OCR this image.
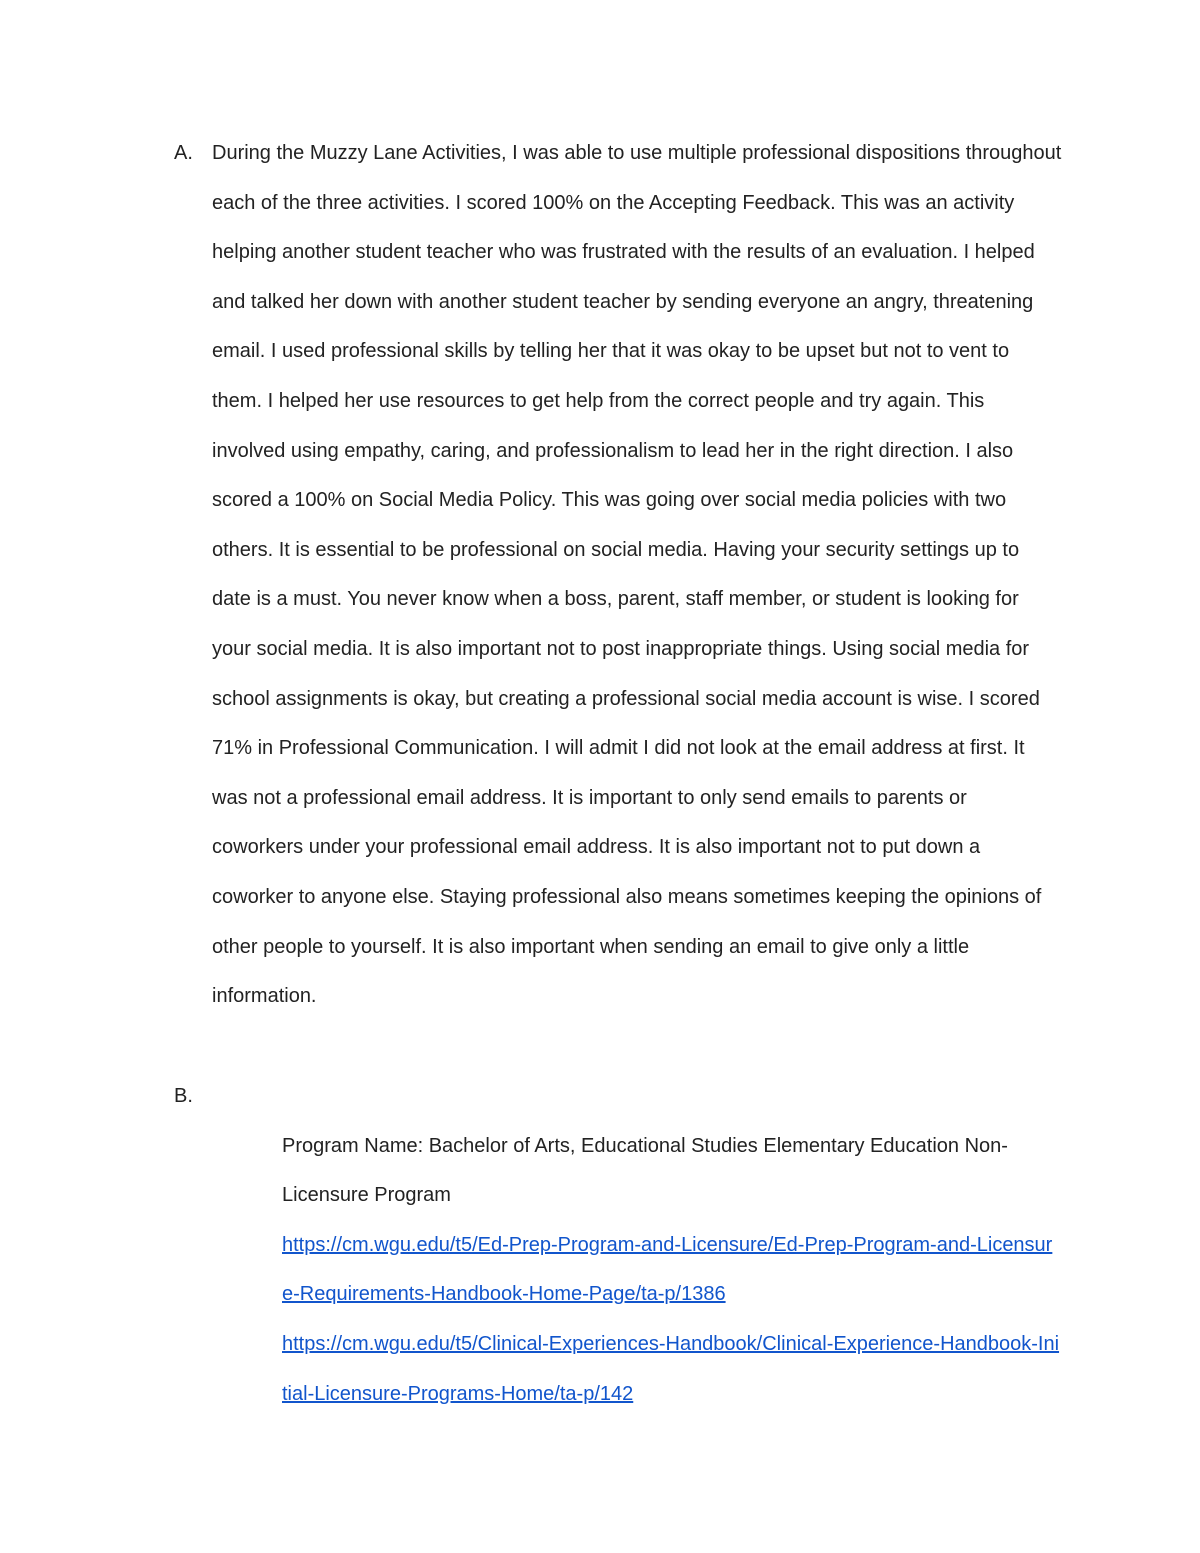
A. During the Muzzy Lane Activities, I was able to use multiple professional dispositions throughout each of the three activities. I scored 100% on the Accepting Feedback. This was an activity helping another student teacher who was frustrated with the results of an evaluation. I helped and talked her down with another student teacher by sending everyone an angry, threatening email. I used professional skills by telling her that it was okay to be upset but not to vent to them. I helped her use resources to get help from the correct people and try again. This involved using empathy, caring, and professionalism to lead her in the right direction. I also scored a 100% on Social Media Policy. This was going over social media policies with two others. It is essential to be professional on social media. Having your security settings up to date is a must. You never know when a boss, parent, staff member, or student is looking for your social media. It is also important not to post inappropriate things. Using social media for school assignments is okay, but creating a professional social media account is wise. I scored 71% in Professional Communication. I will admit I did not look at the email address at first. It was not a professional email address. It is important to only send emails to parents or coworkers under your professional email address. It is also important not to put down a coworker to anyone else. Staying professional also means sometimes keeping the opinions of other people to yourself. It is also important when sending an email to give only a little information.

B.

Program Name: Bachelor of Arts, Educational Studies Elementary Education Non-Licensure Program

https://cm.wgu.edu/t5/Ed-Prep-Program-and-Licensure/Ed-Prep-Program-and-Licensure-Requirements-Handbook-Home-Page/ta-p/1386

https://cm.wgu.edu/t5/Clinical-Experiences-Handbook/Clinical-Experience-Handbook-Initial-Licensure-Programs-Home/ta-p/142
